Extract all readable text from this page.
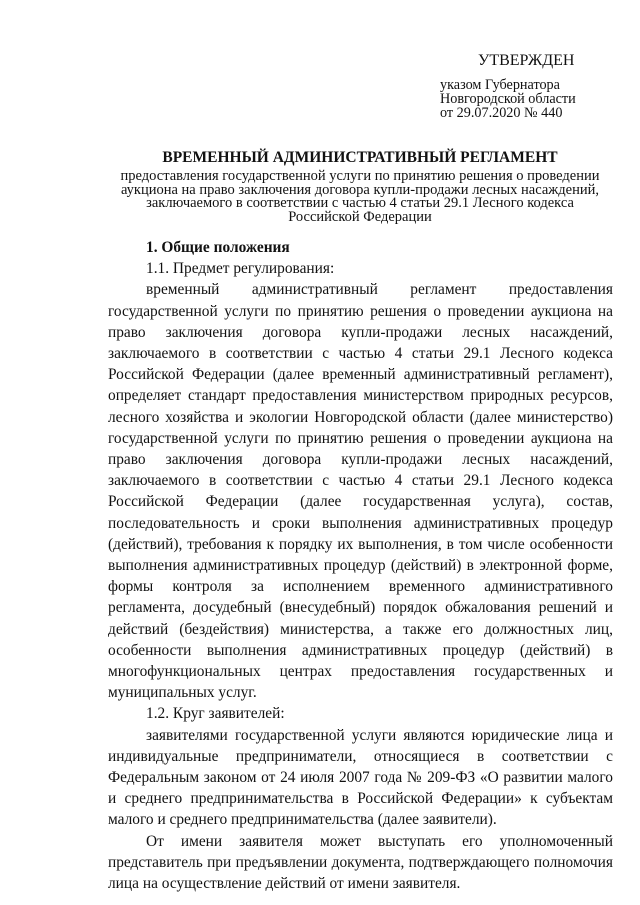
УТВЕРЖДЕН
указом Губернатора
Новгородской области
от 29.07.2020 № 440
ВРЕМЕННЫЙ АДМИНИСТРАТИВНЫЙ РЕГЛАМЕНТ
предоставления государственной услуги по принятию решения о проведении
аукциона на право заключения договора купли-продажи лесных насаждений,
заключаемого в соответствии с частью 4 статьи 29.1 Лесного кодекса
Российской Федерации

1. Общие положения

1.1. Предмет регулирования:

временный административный регламент предоставления государственной услуги по принятию решения о проведении аукциона на право заключения договора купли-продажи лесных насаждений, заключаемого в соответствии с частью 4 статьи 29.1 Лесного кодекса Российской Федерации (далее временный административный регламент), определяет стандарт предоставления министерством природных ресурсов, лесного хозяйства и экологии Новгородской области (далее министерство) государственной услуги по принятию решения о проведении аукциона на право заключения договора купли-продажи лесных насаждений, заключаемого в соответствии с частью 4 статьи 29.1 Лесного кодекса Российской Федерации (далее государственная услуга), состав, последовательность и сроки выполнения административных процедур (действий), требования к порядку их выполнения, в том числе особенности выполнения административных процедур (действий) в электронной форме, формы контроля за исполнением временного административного регламента, досудебный (внесудебный) порядок обжалования решений и действий (бездействия) министерства, а также его должностных лиц, особенности выполнения административных процедур (действий) в многофункциональных центрах предоставления государственных и муниципальных услуг.

1.2. Круг заявителей:

заявителями государственной услуги являются юридические лица и индивидуальные предприниматели, относящиеся в соответствии с Федеральным законом от 24 июля 2007 года № 209-ФЗ «О развитии малого и среднего предпринимательства в Российской Федерации» к субъектам малого и среднего предпринимательства (далее заявители).

От имени заявителя может выступать его уполномоченный представитель при предъявлении документа, подтверждающего полномочия лица на осуществление действий от имени заявителя.
